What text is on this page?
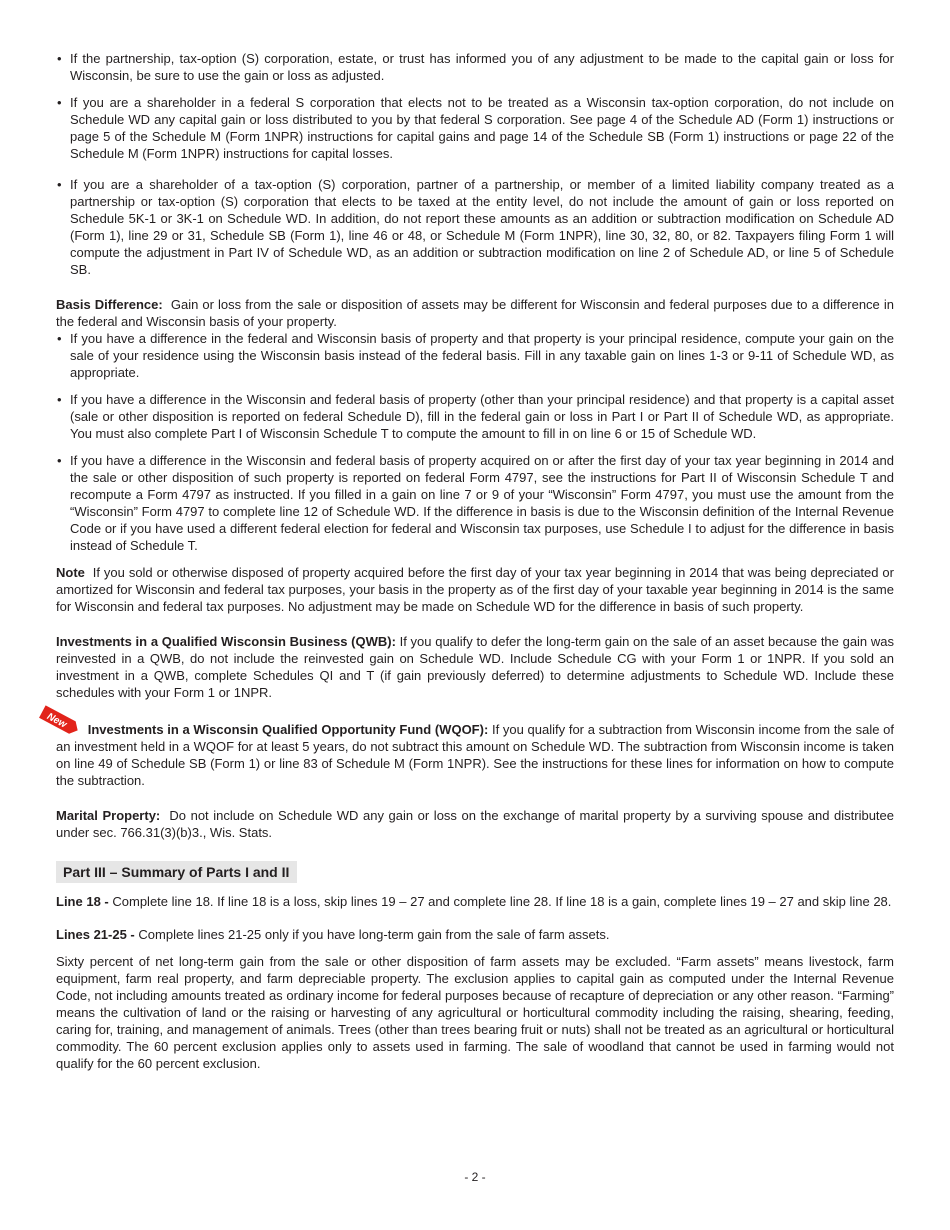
• If the partnership, tax-option (S) corporation, estate, or trust has informed you of any adjustment to be made to the capital gain or loss for Wisconsin, be sure to use the gain or loss as adjusted.
• If you are a shareholder in a federal S corporation that elects not to be treated as a Wisconsin tax-option corporation, do not include on Schedule WD any capital gain or loss distributed to you by that federal S corporation. See page 4 of the Schedule AD (Form 1) instructions or page 5 of the Schedule M (Form 1NPR) instructions for capital gains and page 14 of the Schedule SB (Form 1) instructions or page 22 of the Schedule M (Form 1NPR) instructions for capital losses.
• If you are a shareholder of a tax-option (S) corporation, partner of a partnership, or member of a limited liability company treated as a partnership or tax-option (S) corporation that elects to be taxed at the entity level, do not include the amount of gain or loss reported on Schedule 5K-1 or 3K-1 on Schedule WD. In addition, do not report these amounts as an addition or subtraction modification on Schedule AD (Form 1), line 29 or 31, Schedule SB (Form 1), line 46 or 48, or Schedule M (Form 1NPR), line 30, 32, 80, or 82. Taxpayers filing Form 1 will compute the adjustment in Part IV of Schedule WD, as an addition or subtraction modification on line 2 of Schedule AD, or line 5 of Schedule SB.

Basis Difference: Gain or loss from the sale or disposition of assets may be different for Wisconsin and federal purposes due to a difference in the federal and Wisconsin basis of your property.

• If you have a difference in the federal and Wisconsin basis of property and that property is your principal residence, compute your gain on the sale of your residence using the Wisconsin basis instead of the federal basis. Fill in any taxable gain on lines 1-3 or 9-11 of Schedule WD, as appropriate.
• If you have a difference in the Wisconsin and federal basis of property (other than your principal residence) and that property is a capital asset (sale or other disposition is reported on federal Schedule D), fill in the federal gain or loss in Part I or Part II of Schedule WD, as appropriate. You must also complete Part I of Wisconsin Schedule T to compute the amount to fill in on line 6 or 15 of Schedule WD.
• If you have a difference in the Wisconsin and federal basis of property acquired on or after the first day of your tax year beginning in 2014 and the sale or other disposition of such property is reported on federal Form 4797, see the instructions for Part II of Wisconsin Schedule T and recompute a Form 4797 as instructed. If you filled in a gain on line 7 or 9 of your “Wisconsin” Form 4797, you must use the amount from the “Wisconsin” Form 4797 to complete line 12 of Schedule WD. If the difference in basis is due to the Wisconsin definition of the Internal Revenue Code or if you have used a different federal election for federal and Wisconsin tax purposes, use Schedule I to adjust for the difference in basis instead of Schedule T.

Note If you sold or otherwise disposed of property acquired before the first day of your tax year beginning in 2014 that was being depreciated or amortized for Wisconsin and federal tax purposes, your basis in the property as of the first day of your taxable year beginning in 2014 is the same for Wisconsin and federal tax purposes. No adjustment may be made on Schedule WD for the difference in basis of such property.

Investments in a Qualified Wisconsin Business (QWB): If you qualify to defer the long-term gain on the sale of an asset because the gain was reinvested in a QWB, do not include the reinvested gain on Schedule WD. Include Schedule CG with your Form 1 or 1NPR. If you sold an investment in a QWB, complete Schedules QI and T (if gain previously deferred) to determine adjustments to Schedule WD. Include these schedules with your Form 1 or 1NPR.

New Investments in a Wisconsin Qualified Opportunity Fund (WQOF): If you qualify for a subtraction from Wisconsin income from the sale of an investment held in a WQOF for at least 5 years, do not subtract this amount on Schedule WD. The subtraction from Wisconsin income is taken on line 49 of Schedule SB (Form 1) or line 83 of Schedule M (Form 1NPR). See the instructions for these lines for information on how to compute the subtraction.

Marital Property: Do not include on Schedule WD any gain or loss on the exchange of marital property by a surviving spouse and distributee under sec. 766.31(3)(b)3., Wis. Stats.

Part III – Summary of Parts I and II

Line 18 - Complete line 18. If line 18 is a loss, skip lines 19 – 27 and complete line 28. If line 18 is a gain, complete lines 19 – 27 and skip line 28.

Lines 21-25 - Complete lines 21-25 only if you have long-term gain from the sale of farm assets.

Sixty percent of net long-term gain from the sale or other disposition of farm assets may be excluded. “Farm assets” means livestock, farm equipment, farm real property, and farm depreciable property. The exclusion applies to capital gain as computed under the Internal Revenue Code, not including amounts treated as ordinary income for federal purposes because of recapture of depreciation or any other reason. “Farming” means the cultivation of land or the raising or harvesting of any agricultural or horticultural commodity including the raising, shearing, feeding, caring for, training, and management of animals. Trees (other than trees bearing fruit or nuts) shall not be treated as an agricultural or horticultural commodity. The 60 percent exclusion applies only to assets used in farming. The sale of woodland that cannot be used in farming would not qualify for the 60 percent exclusion.

- 2 -
